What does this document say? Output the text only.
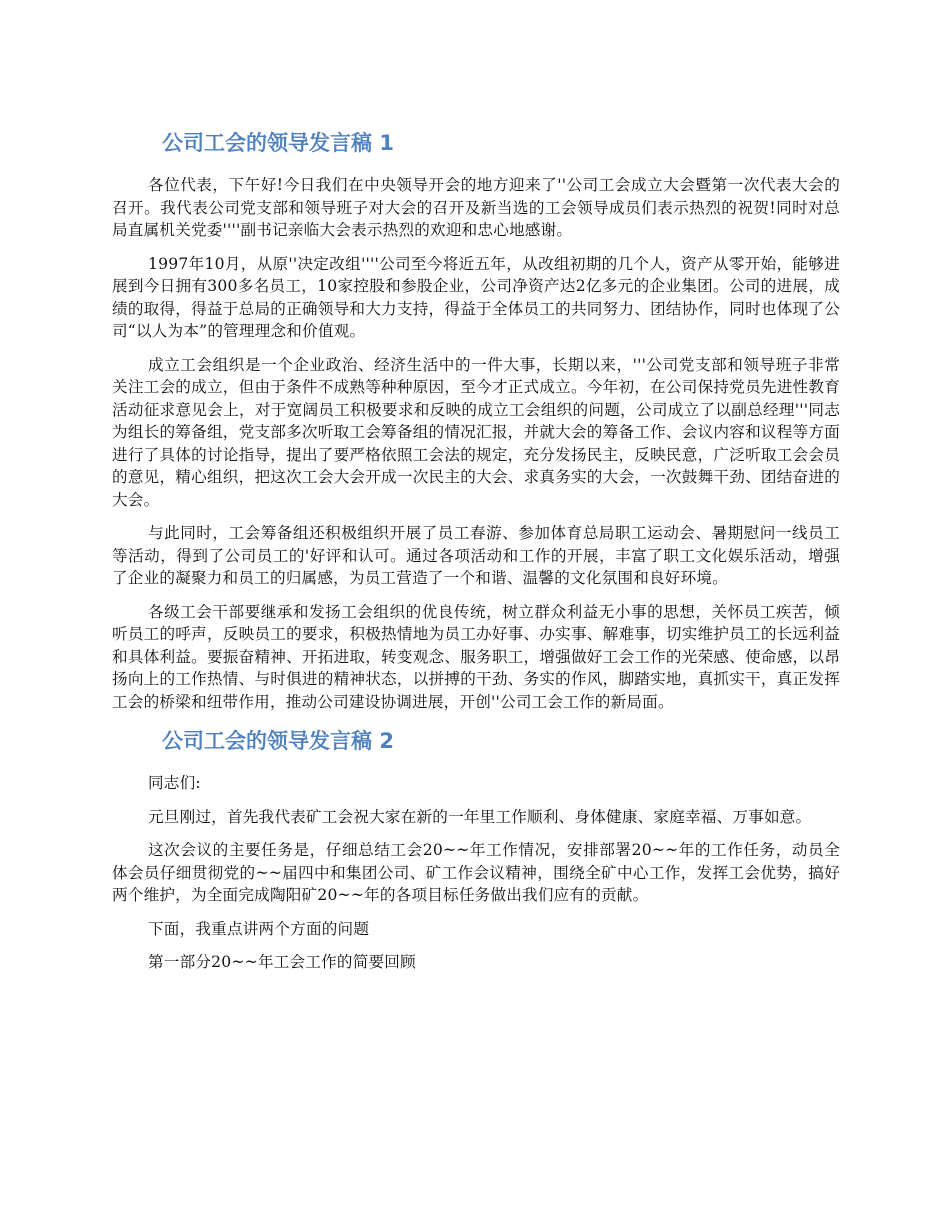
公司工会的领导发言稿 1

各位代表，下午好!今日我们在中央领导开会的地方迎来了''公司工会成立大会暨第一次代表大会的召开。我代表公司党支部和领导班子对大会的召开及新当选的工会领导成员们表示热烈的祝贺!同时对总局直属机关党委''''副书记亲临大会表示热烈的欢迎和忠心地感谢。

1997年10月，从原''决定改组''''公司至今将近五年，从改组初期的几个人，资产从零开始，能够进展到今日拥有300多名员工，10家控股和参股企业，公司净资产达2亿多元的企业集团。公司的进展，成绩的取得，得益于总局的正确领导和大力支持，得益于全体员工的共同努力、团结协作，同时也体现了公司“以人为本”的管理理念和价值观。

成立工会组织是一个企业政治、经济生活中的一件大事，长期以来，'''公司党支部和领导班子非常关注工会的成立，但由于条件不成熟等种种原因，至今才正式成立。今年初，在公司保持党员先进性教育活动征求意见会上，对于宽阔员工积极要求和反映的成立工会组织的问题，公司成立了以副总经理'''同志为组长的筹备组，党支部多次听取工会筹备组的情况汇报，并就大会的筹备工作、会议内容和议程等方面进行了具体的讨论指导，提出了要严格依照工会法的规定，充分发扬民主，反映民意，广泛听取工会会员的意见，精心组织，把这次工会大会开成一次民主的大会、求真务实的大会，一次鼓舞干劲、团结奋进的大会。

与此同时，工会筹备组还积极组织开展了员工春游、参加体育总局职工运动会、暑期慰问一线员工等活动，得到了公司员工的'好评和认可。通过各项活动和工作的开展，丰富了职工文化娱乐活动，增强了企业的凝聚力和员工的归属感，为员工营造了一个和谐、温馨的文化氛围和良好环境。

各级工会干部要继承和发扬工会组织的优良传统，树立群众利益无小事的思想，关怀员工疾苦，倾听员工的呼声，反映员工的要求，积极热情地为员工办好事、办实事、解难事，切实维护员工的长远利益和具体利益。要振奋精神、开拓进取，转变观念、服务职工，增强做好工会工作的光荣感、使命感，以昂扬向上的工作热情、与时俱进的精神状态，以拼搏的干劲、务实的作风，脚踏实地，真抓实干，真正发挥工会的桥梁和纽带作用，推动公司建设协调进展，开创''公司工会工作的新局面。

公司工会的领导发言稿 2

同志们:

元旦刚过，首先我代表矿工会祝大家在新的一年里工作顺利、身体健康、家庭幸福、万事如意。

这次会议的主要任务是，仔细总结工会20~~年工作情况，安排部署20~~年的工作任务，动员全体会员仔细贯彻党的~~届四中和集团公司、矿工作会议精神，围绕全矿中心工作，发挥工会优势，搞好两个维护，为全面完成陶阳矿20~~年的各项目标任务做出我们应有的贡献。

下面，我重点讲两个方面的问题

第一部分20~~年工会工作的简要回顾
